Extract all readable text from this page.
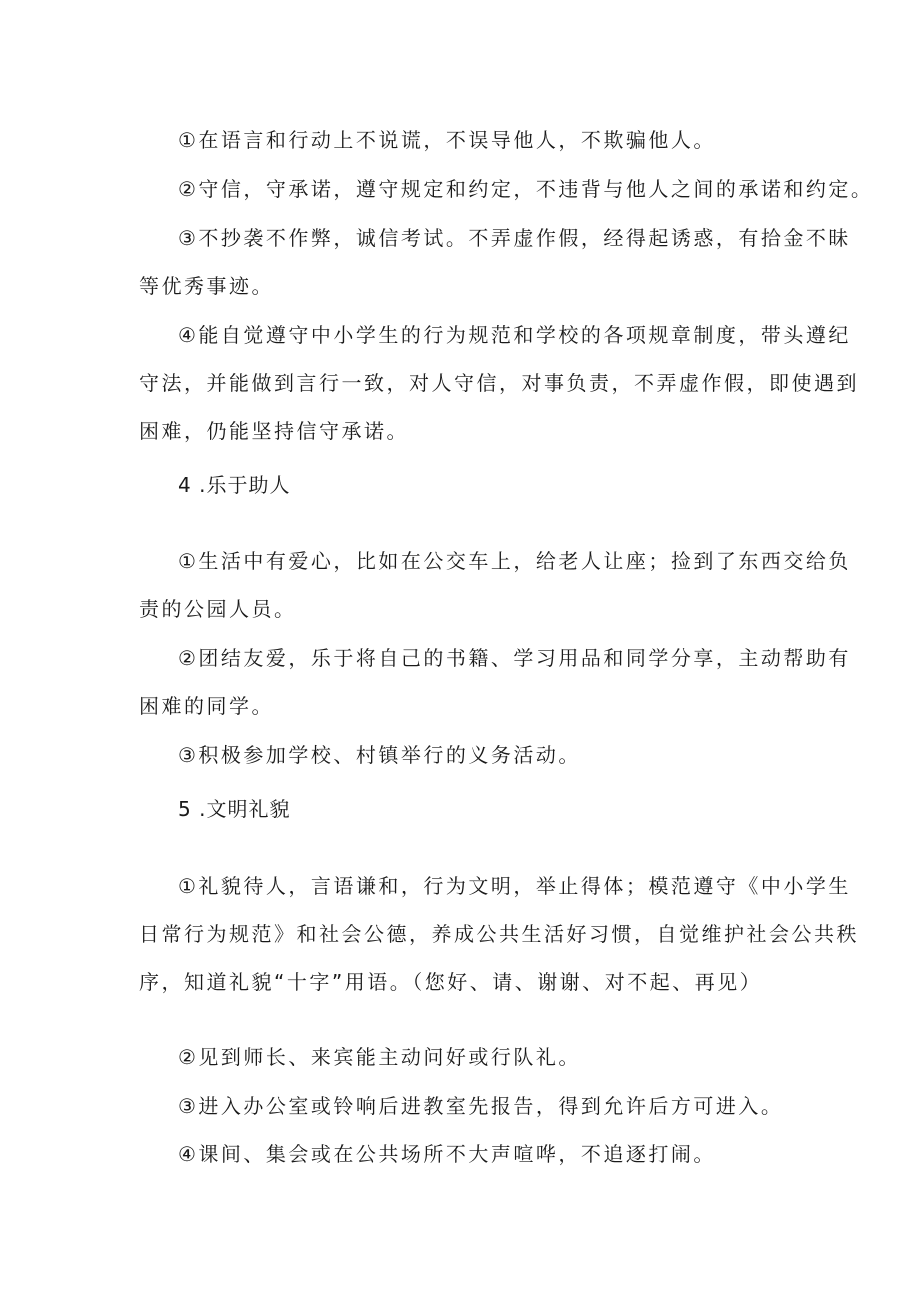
①在语言和行动上不说谎，不误导他人，不欺骗他人。
②守信，守承诺，遵守规定和约定，不违背与他人之间的承诺和约定。
③不抄袭不作弊，诚信考试。不弄虚作假，经得起诱惑，有拾金不昧
等优秀事迹。
④能自觉遵守中小学生的行为规范和学校的各项规章制度，带头遵纪
守法，并能做到言行一致，对人守信，对事负责，不弄虚作假，即使遇到
困难，仍能坚持信守承诺。
4 .乐于助人
①生活中有爱心，比如在公交车上，给老人让座；捡到了东西交给负
责的公园人员。
②团结友爱，乐于将自己的书籍、学习用品和同学分享，主动帮助有
困难的同学。
③积极参加学校、村镇举行的义务活动。
5 .文明礼貌
①礼貌待人，言语谦和，行为文明，举止得体；模范遵守《中小学生
日常行为规范》和社会公德，养成公共生活好习惯，自觉维护社会公共秩
序，知道礼貌“十字”用语。（您好、请、谢谢、对不起、再见）
②见到师长、来宾能主动问好或行队礼。
③进入办公室或铃响后进教室先报告，得到允许后方可进入。
④课间、集会或在公共场所不大声喧哗，不追逐打闹。
